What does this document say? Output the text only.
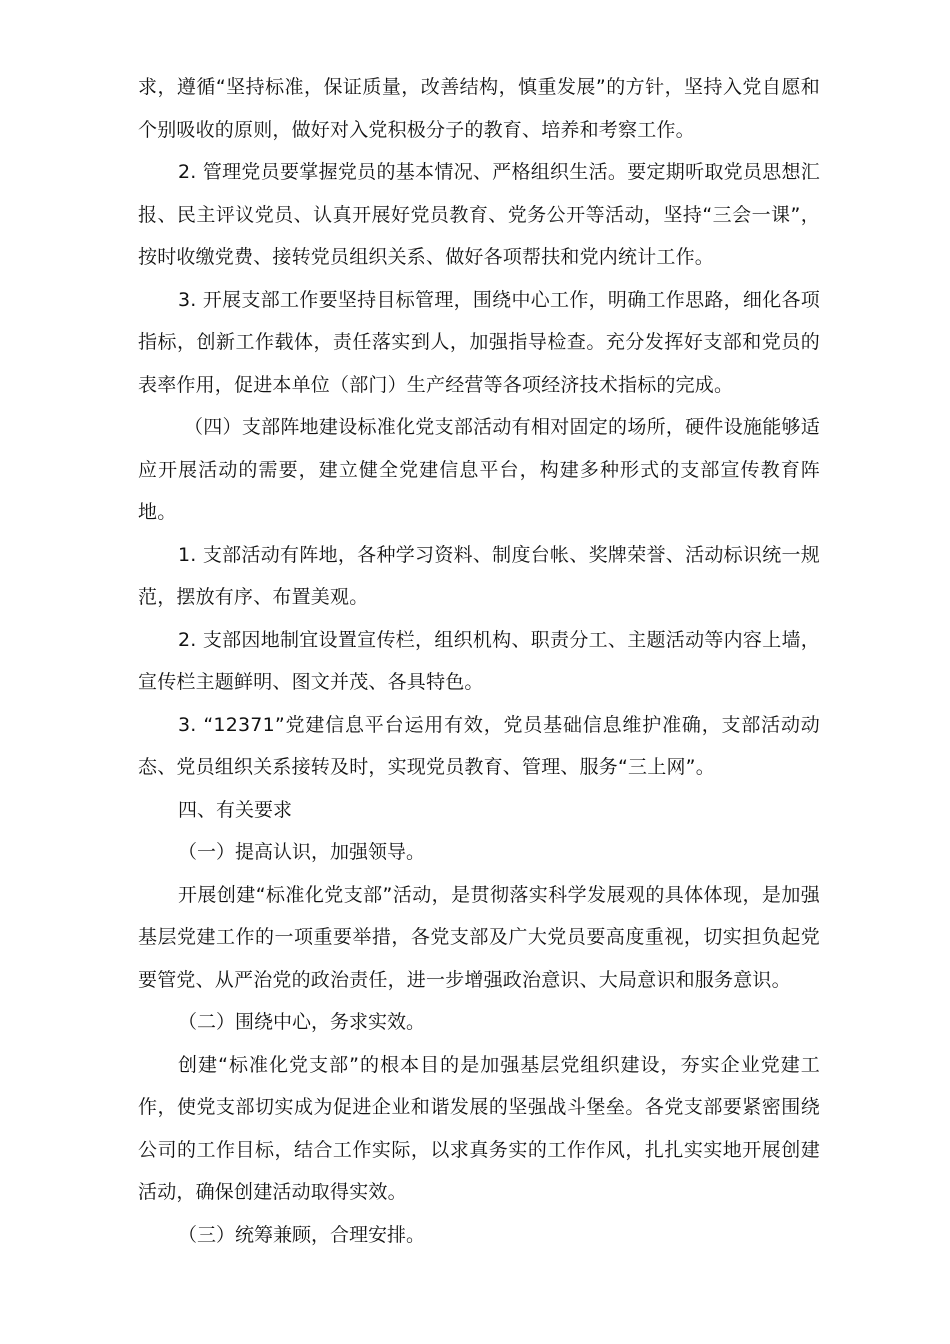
求，遵循“坚持标准，保证质量，改善结构，慎重发展”的方针，坚持入党自愿和个别吸收的原则，做好对入党积极分子的教育、培养和考察工作。

2. 管理党员要掌握党员的基本情况、严格组织生活。要定期听取党员思想汇报、民主评议党员、认真开展好党员教育、党务公开等活动，坚持“三会一课”，按时收缴党费、接转党员组织关系、做好各项帮扶和党内统计工作。

3. 开展支部工作要坚持目标管理，围绕中心工作，明确工作思路，细化各项指标，创新工作载体，责任落实到人，加强指导检查。充分发挥好支部和党员的表率作用，促进本单位（部门）生产经营等各项经济技术指标的完成。

（四）支部阵地建设标准化党支部活动有相对固定的场所，硬件设施能够适应开展活动的需要，建立健全党建信息平台，构建多种形式的支部宣传教育阵地。

1. 支部活动有阵地，各种学习资料、制度台帐、奖牌荣誉、活动标识统一规范，摆放有序、布置美观。

2. 支部因地制宜设置宣传栏，组织机构、职责分工、主题活动等内容上墙，宣传栏主题鲜明、图文并茂、各具特色。

3. “12371”党建信息平台运用有效，党员基础信息维护准确，支部活动动态、党员组织关系接转及时，实现党员教育、管理、服务“三上网”。

四、有关要求

（一）提高认识，加强领导。

开展创建“标准化党支部”活动，是贯彻落实科学发展观的具体体现，是加强基层党建工作的一项重要举措，各党支部及广大党员要高度重视，切实担负起党要管党、从严治党的政治责任，进一步增强政治意识、大局意识和服务意识。

（二）围绕中心，务求实效。

创建“标准化党支部”的根本目的是加强基层党组织建设，夯实企业党建工作，使党支部切实成为促进企业和谐发展的坚强战斗堡垒。各党支部要紧密围绕公司的工作目标，结合工作实际，以求真务实的工作作风，扎扎实实地开展创建活动，确保创建活动取得实效。

（三）统筹兼顾，合理安排。
